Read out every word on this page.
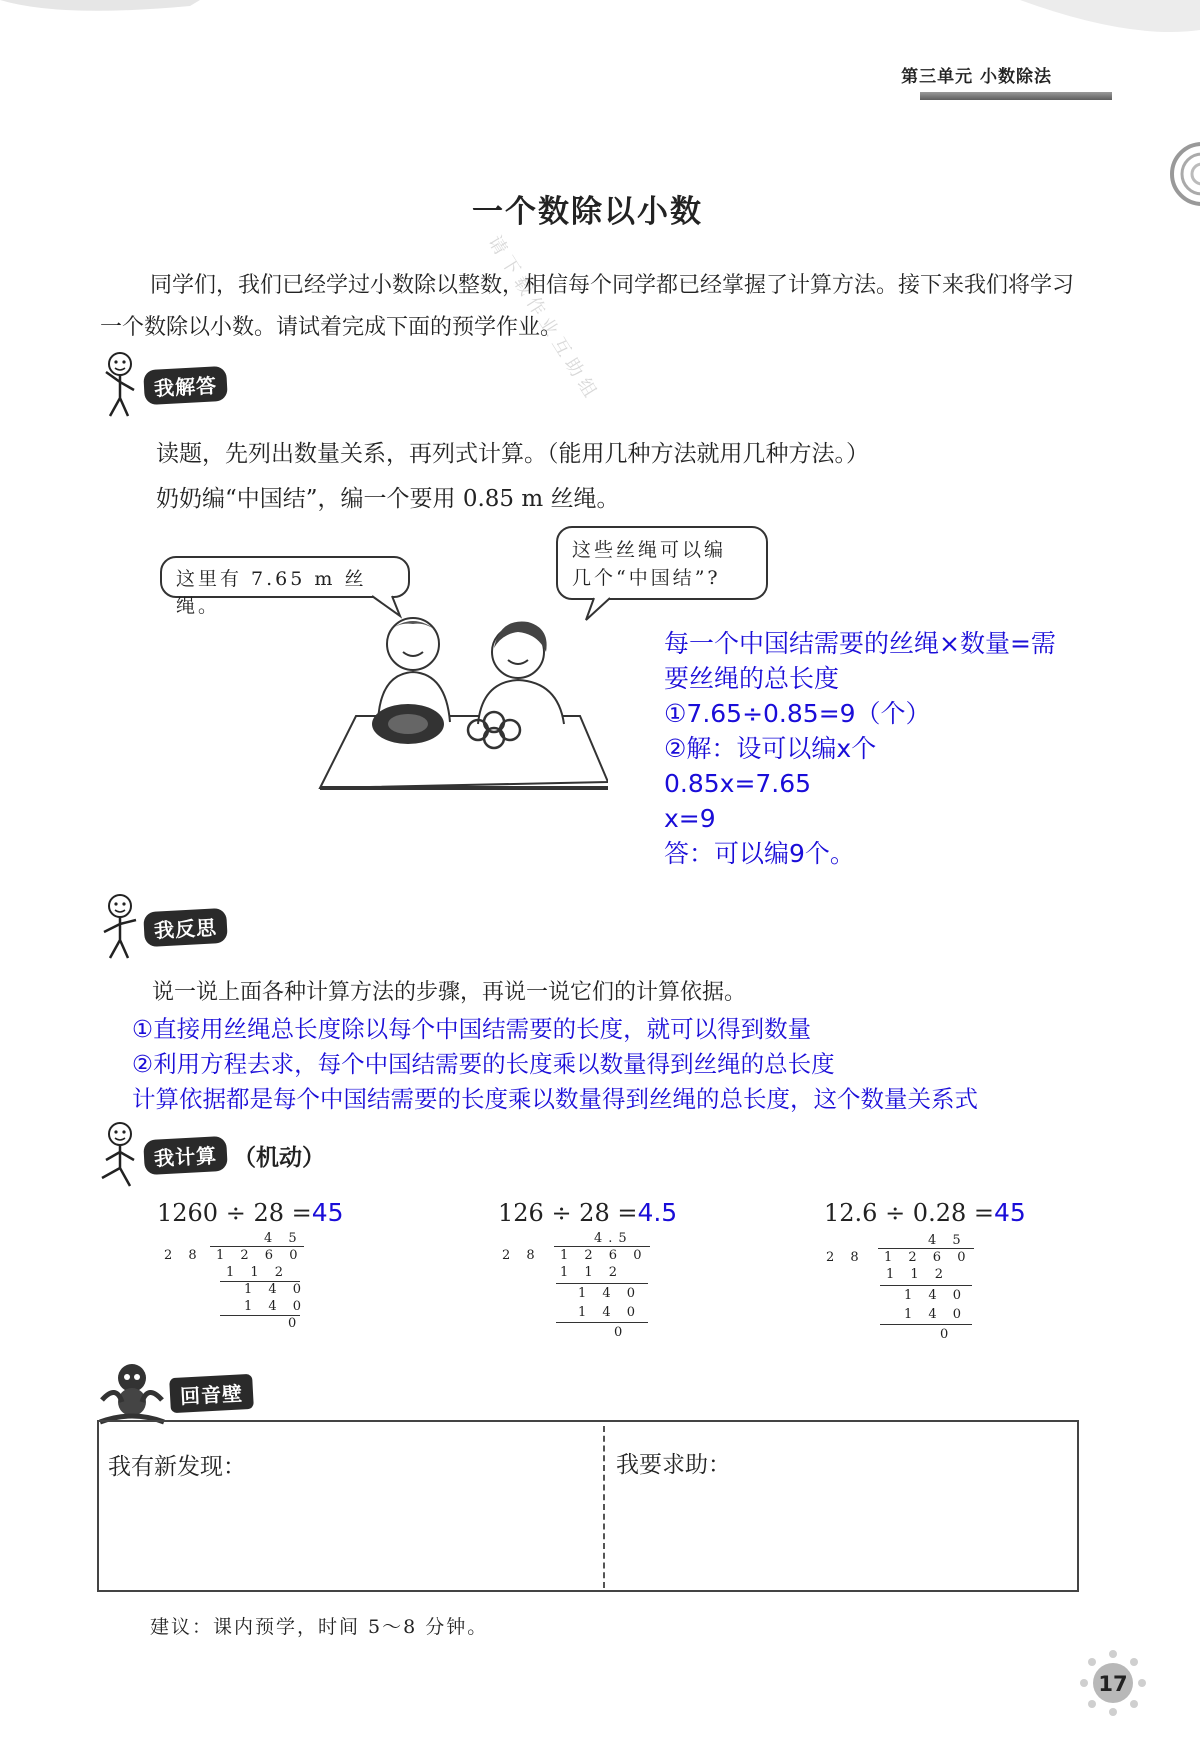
第三单元 小数除法
请下载作业互助组
一个数除以小数
同学们，我们已经学过小数除以整数，相信每个同学都已经掌握了计算方法。接下来我们将学习一个数除以小数。请试着完成下面的预学作业。
我解答
读题，先列出数量关系，再列式计算。（能用几种方法就用几种方法。）
奶奶编“中国结”，编一个要用 0.85 m 丝绳。
这里有 7.65 m 丝绳。
这些丝绳可以编
几个“中国结”?
每一个中国结需要的丝绳×数量=需
要丝绳的总长度
①7.65÷0.85=9（个）
②解：设可以编x个
0.85x=7.65
x=9
答：可以编9个。
我反思
说一说上面各种计算方法的步骤，再说一说它们的计算依据。
①直接用丝绳总长度除以每个中国结需要的长度，就可以得到数量
②利用方程去求，每个中国结需要的长度乘以数量得到丝绳的总长度
计算依据都是每个中国结需要的长度乘以数量得到丝绳的总长度，这个数量关系式
我计算 （机动）
1260 ÷ 28 =45
4 5
2 8 1 2 6 0
1 1 2
1 4 0
1 4 0
0
126 ÷ 28 =4.5
4.5
2 8 1 2 6 0
1 1 2
1 4 0
1 4 0
0
12.6 ÷ 0.28 =45
4 5
2 8 1 2 6 0
1 1 2
1 4 0
1 4 0
0
回音壁
我有新发现：	我要求助：
建议：课内预学，时间 5～8 分钟。
17
